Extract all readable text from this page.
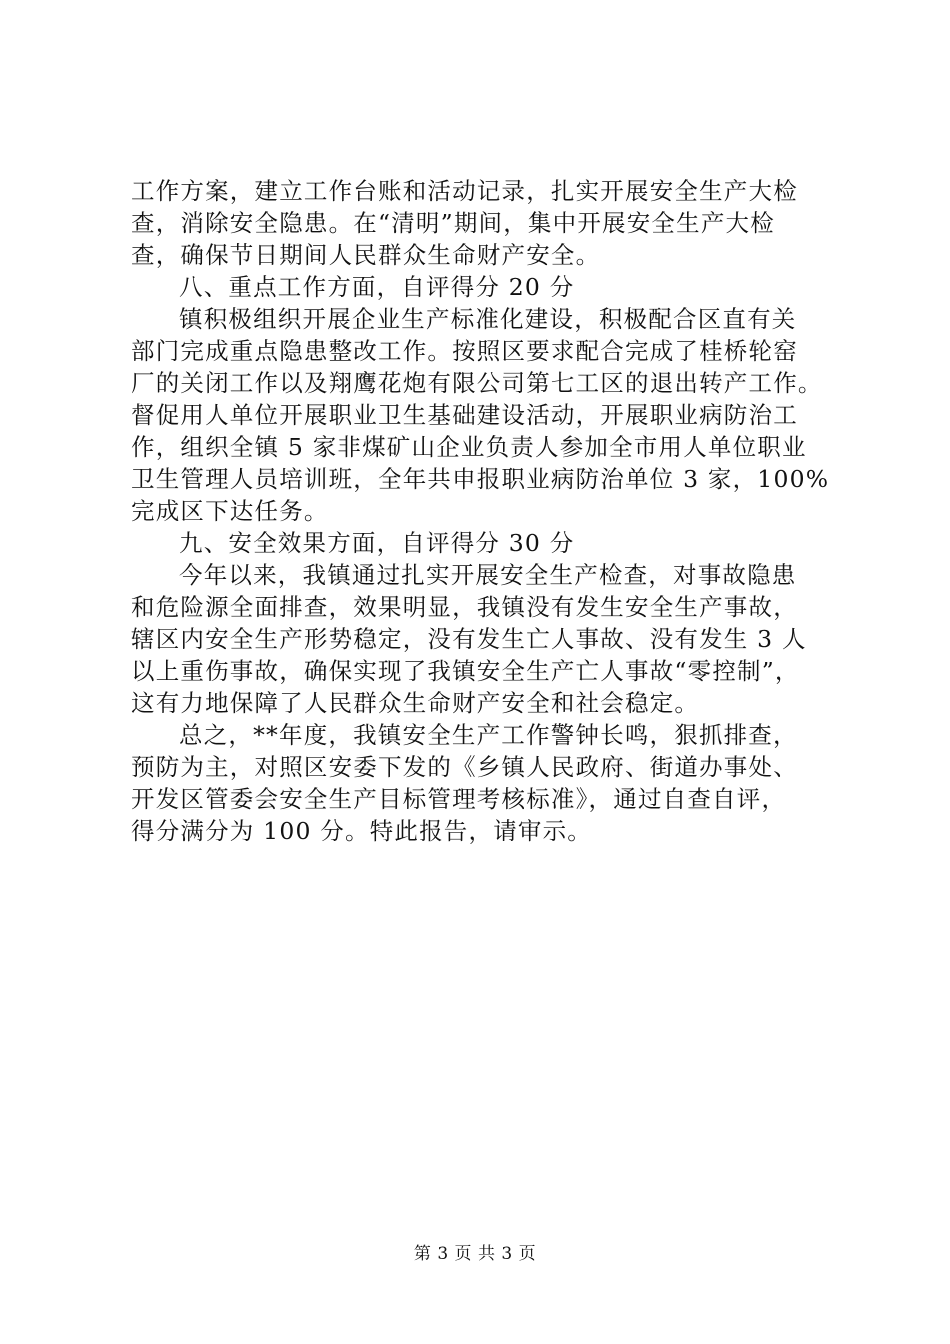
工作方案，建立工作台账和活动记录，扎实开展安全生产大检
查，消除安全隐患。在“清明”期间，集中开展安全生产大检
查，确保节日期间人民群众生命财产安全。

八、重点工作方面，自评得分 20 分

镇积极组织开展企业生产标准化建设，积极配合区直有关
部门完成重点隐患整改工作。按照区要求配合完成了桂桥轮窑
厂的关闭工作以及翔鹰花炮有限公司第七工区的退出转产工作。
督促用人单位开展职业卫生基础建设活动，开展职业病防治工
作，组织全镇 5 家非煤矿山企业负责人参加全市用人单位职业
卫生管理人员培训班，全年共申报职业病防治单位 3 家，100%
完成区下达任务。

九、安全效果方面，自评得分 30 分

今年以来，我镇通过扎实开展安全生产检查，对事故隐患
和危险源全面排查，效果明显，我镇没有发生安全生产事故，
辖区内安全生产形势稳定，没有发生亡人事故、没有发生 3 人
以上重伤事故，确保实现了我镇安全生产亡人事故“零控制”，
这有力地保障了人民群众生命财产安全和社会稳定。

总之，**年度，我镇安全生产工作警钟长鸣，狠抓排查，
预防为主，对照区安委下发的《乡镇人民政府、街道办事处、
开发区管委会安全生产目标管理考核标准》，通过自查自评，
得分满分为 100 分。特此报告，请审示。

第 3 页 共 3 页
